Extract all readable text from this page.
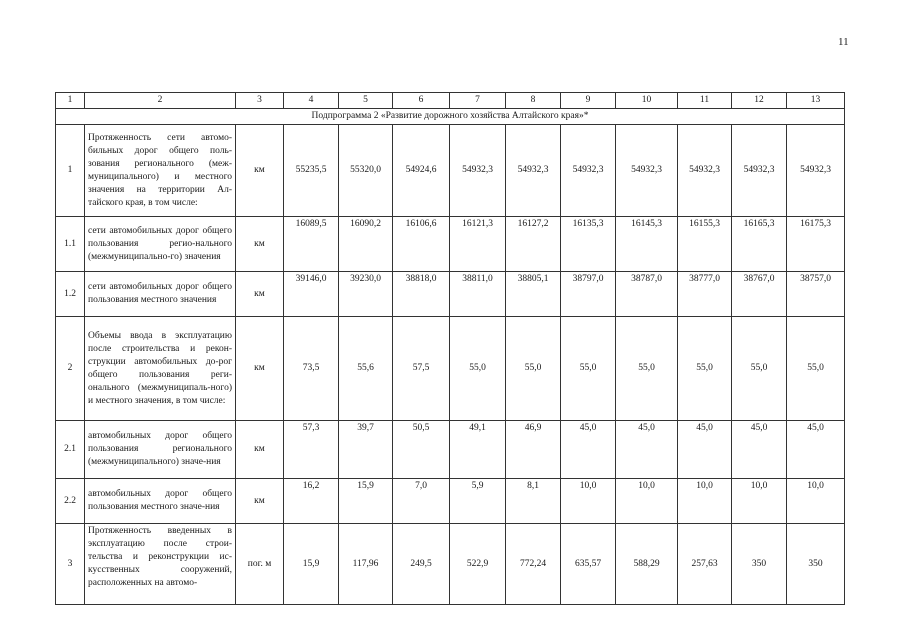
11
1	2	3	4	5	6	7	8	9	10	11	12	13
Подпрограмма 2 «Развитие дорожного хозяйства Алтайского края»*												
1	Протяженность сети автомо-бильных дорог общего поль-зования регионального (меж-муниципального) и местного значения на территории Ал-тайского края, в том числе:	км	55235,5	55320,0	54924,6	54932,3	54932,3	54932,3	54932,3	54932,3	54932,3	54932,3
1.1	сети автомобильных дорог общего пользования регио-нального (межмуниципально-го) значения	км	16089,5	16090,2	16106,6	16121,3	16127,2	16135,3	16145,3	16155,3	16165,3	16175,3
1.2	сети автомобильных дорог общего пользования местного значения	км	39146,0	39230,0	38818,0	38811,0	38805,1	38797,0	38787,0	38777,0	38767,0	38757,0
2	Объемы ввода в эксплуатацию после строительства и рекон-струкции автомобильных до-рог общего пользования реги-онального (межмуниципаль-ного) и местного значения, в том числе:	км	73,5	55,6	57,5	55,0	55,0	55,0	55,0	55,0	55,0	55,0
2.1	автомобильных дорог общего пользования регионального (межмуниципального) значе-ния	км	57,3	39,7	50,5	49,1	46,9	45,0	45,0	45,0	45,0	45,0
2.2	автомобильных дорог общего пользования местного значе-ния	км	16,2	15,9	7,0	5,9	8,1	10,0	10,0	10,0	10,0	10,0
3	Протяженность введенных в эксплуатацию после строи-тельства и реконструкции ис-кусственных сооружений, расположенных на автомо-	пог. м	15,9	117,96	249,5	522,9	772,24	635,57	588,29	257,63	350	350
